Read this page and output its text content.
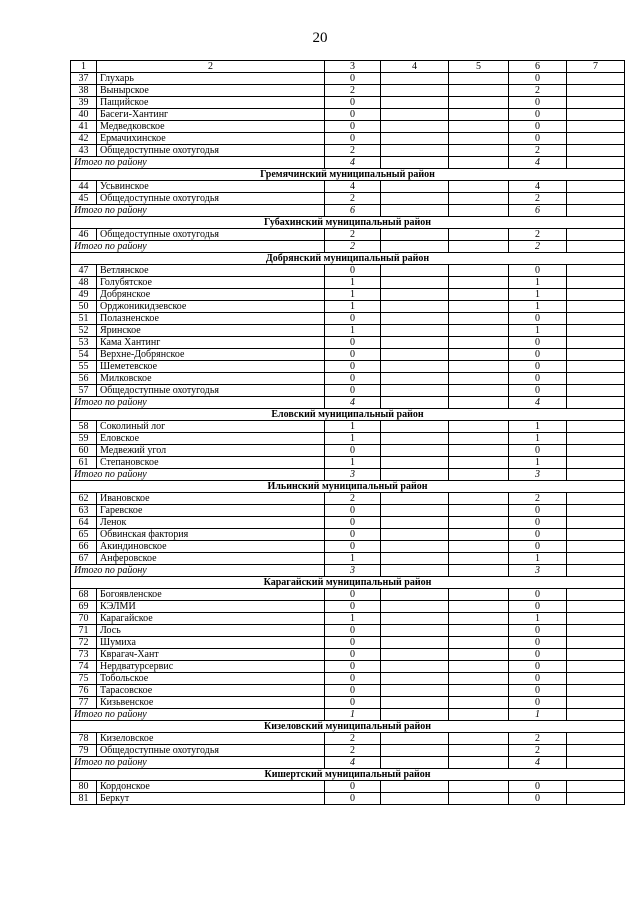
20
1	2	3	4	5	6	7
37	Глухарь	0			0	
38	Вынырское	2			2	
39	Пащийское	0			0	
40	Басеги-Хантинг	0			0	
41	Медведковское	0			0	
42	Ермачихинское	0			0	
43	Общедоступные охотугодья	2			2	
Итого по району		4			4	
Гремячинский муниципальный район						
44	Усьвинское	4			4	
45	Общедоступные охотугодья	2			2	
Итого по району		6			6	
Губахинский муниципальный район						
46	Общедоступные охотугодья	2			2	
Итого по району		2			2	
Добрянский муниципальный район						
47	Ветлянское	0			0	
48	Голубятское	1			1	
49	Добрянское	1			1	
50	Орджоникидзевское	1			1	
51	Полазненское	0			0	
52	Яринское	1			1	
53	Кама Хантинг	0			0	
54	Верхне-Добрянское	0			0	
55	Шеметевское	0			0	
56	Милковское	0			0	
57	Общедоступные охотугодья	0			0	
Итого по району		4			4	
Еловский муниципальный район						
58	Соколиный лог	1			1	
59	Еловское	1			1	
60	Медвежий угол	0			0	
61	Степановское	1			1	
Итого по району		3			3	
Ильинский муниципальный район						
62	Ивановское	2			2	
63	Гаревское	0			0	
64	Ленок	0			0	
65	Обвинская фактория	0			0	
66	Акиндиновское	0			0	
67	Анферовское	1			1	
Итого по району		3			3	
Карагайский муниципальный район						
68	Богоявленское	0			0	
69	КЭЛМИ	0			0	
70	Карагайское	1			1	
71	Лось	0			0	
72	Шумиха	0			0	
73	Кврагач-Хант	0			0	
74	Нердватурсервис	0			0	
75	Тобольское	0			0	
76	Тарасовское	0			0	
77	Кизьвенское	0			0	
Итого по району		1			1	
Кизеловский муниципальный район						
78	Кизеловское	2			2	
79	Общедоступные охотугодья	2			2	
Итого по району		4			4	
Кишертский муниципальный район						
80	Кордонское	0			0	
81	Беркут	0			0	
